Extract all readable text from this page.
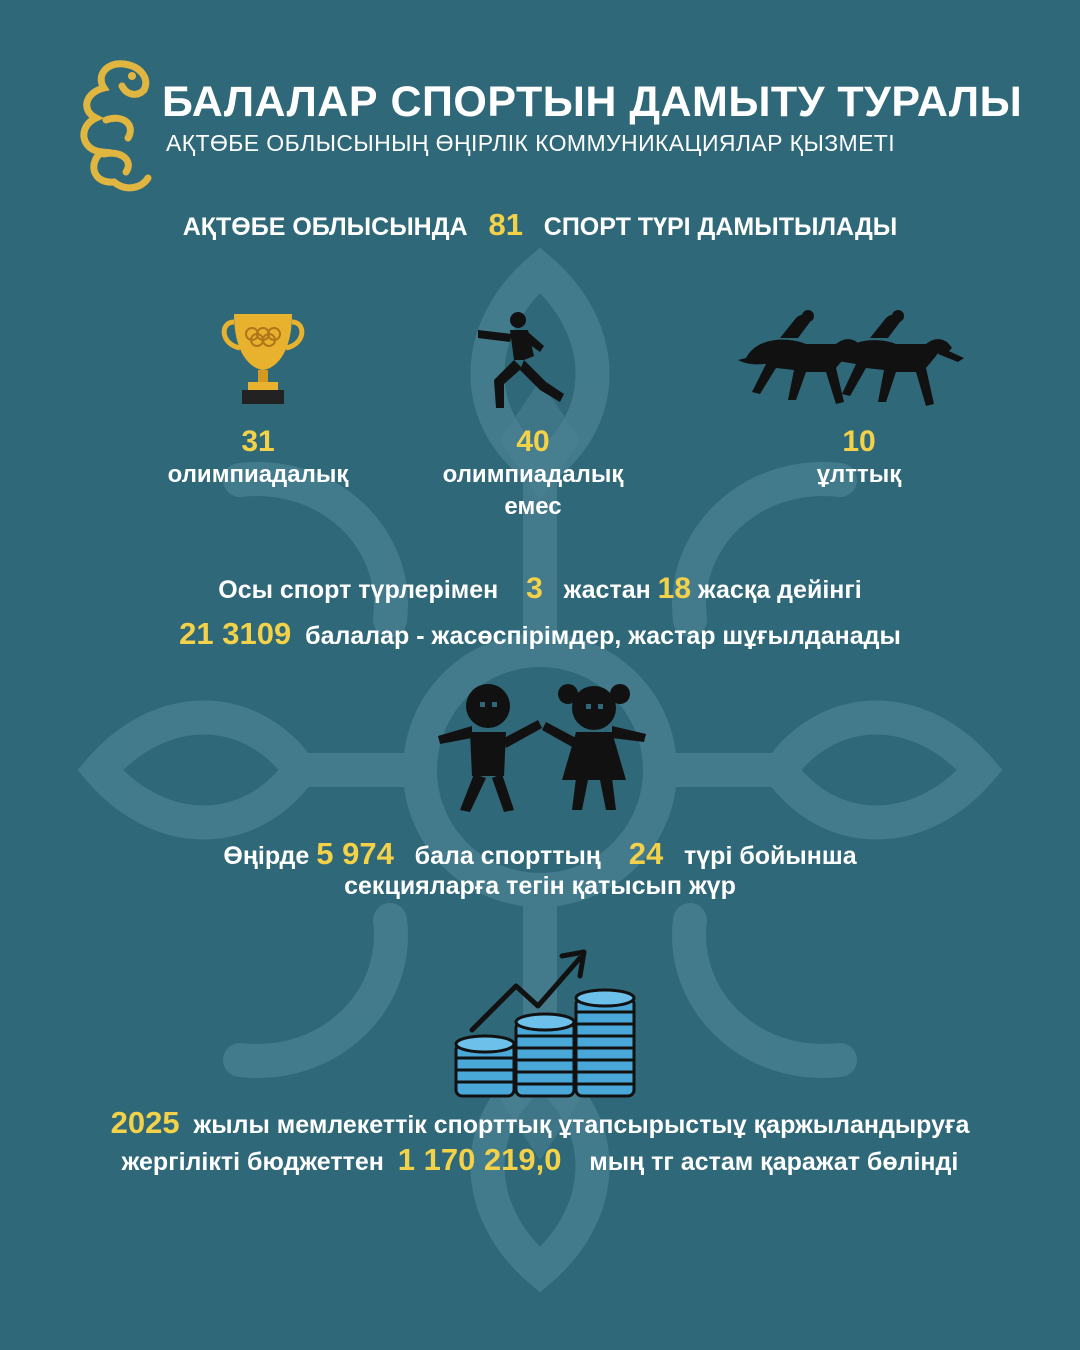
БАЛАЛАР СПОРТЫН ДАМЫТУ ТУРАЛЫ
АҚТӨБЕ ОБЛЫСЫНЫҢ ӨҢІРЛІК КОММУНИКАЦИЯЛАР ҚЫЗМЕТІ
АҚТӨБЕ ОБЛЫСЫНДА 81 СПОРТ ТҮРІ ДАМЫТЫЛАДЫ
31
олимпиадалық
40
олимпиадалық
емес
10
ұлттық
Осы спорт түрлерімен 3 жастан 18 жасқа дейінгі
21 3109 балалар - жасөспірімдер, жастар шұғылданады
Өңірде 5 974 бала спорттың 24 түрі бойынша
секцияларға тегін қатысып жүр
2025 жылы мемлекеттік спорттық ұтапсырыстыұ қаржыландыруға
жергілікті бюджеттен 1 170 219,0 мың тг астам қаражат бөлінді
